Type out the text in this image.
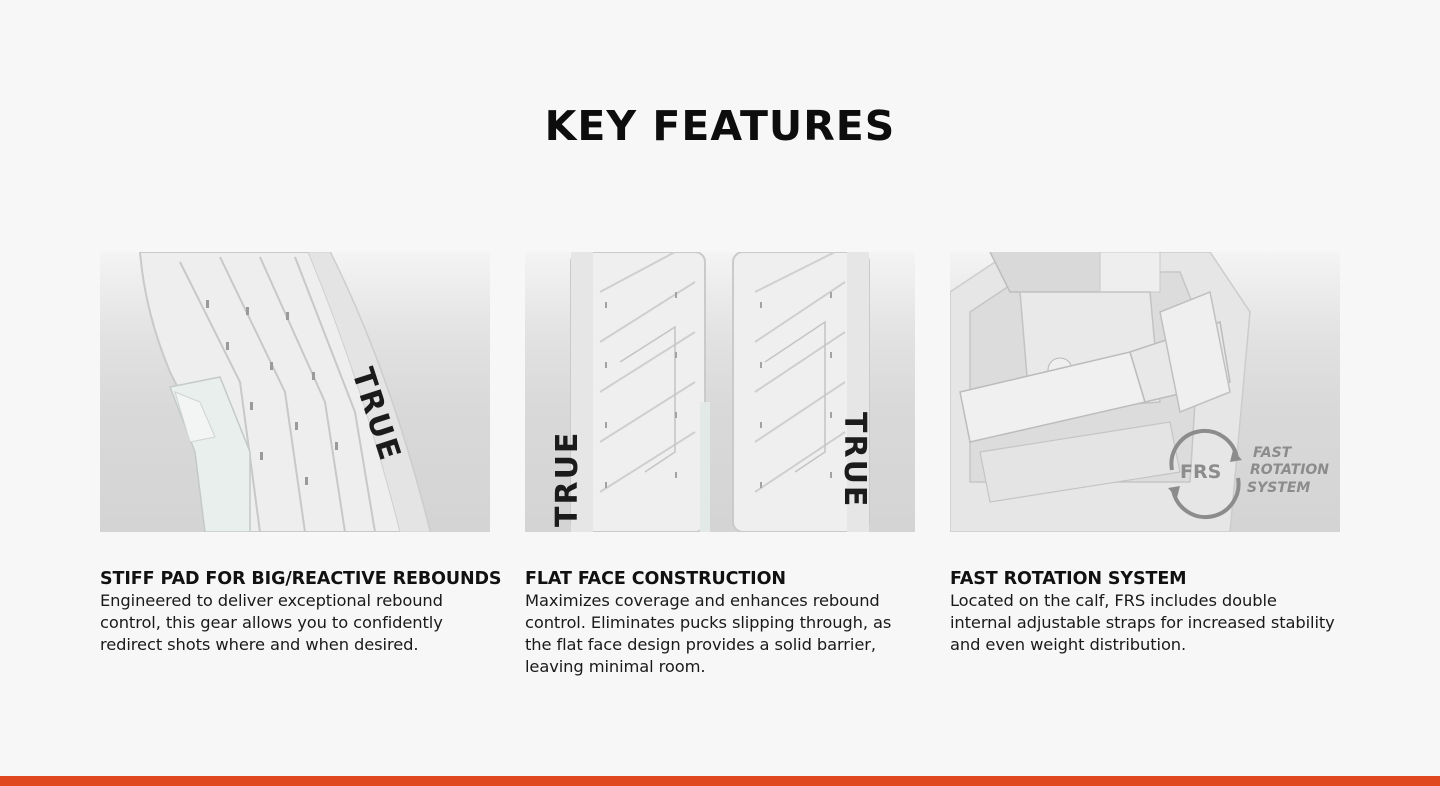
KEY FEATURES
TRUE
STIFF PAD FOR BIG/REACTIVE REBOUNDS

Engineered to deliver exceptional rebound control, this gear allows you to confidently redirect shots where and when desired.

TRUE	TRUE
FLAT FACE CONSTRUCTION

Maximizes coverage and enhances rebound control. Eliminates pucks slipping through, as the flat face design provides a solid barrier, leaving minimal room.

FRS
FAST
ROTATION
SYSTEM
FAST ROTATION SYSTEM

Located on the calf, FRS includes double internal adjustable straps for increased stability and even weight distribution.
